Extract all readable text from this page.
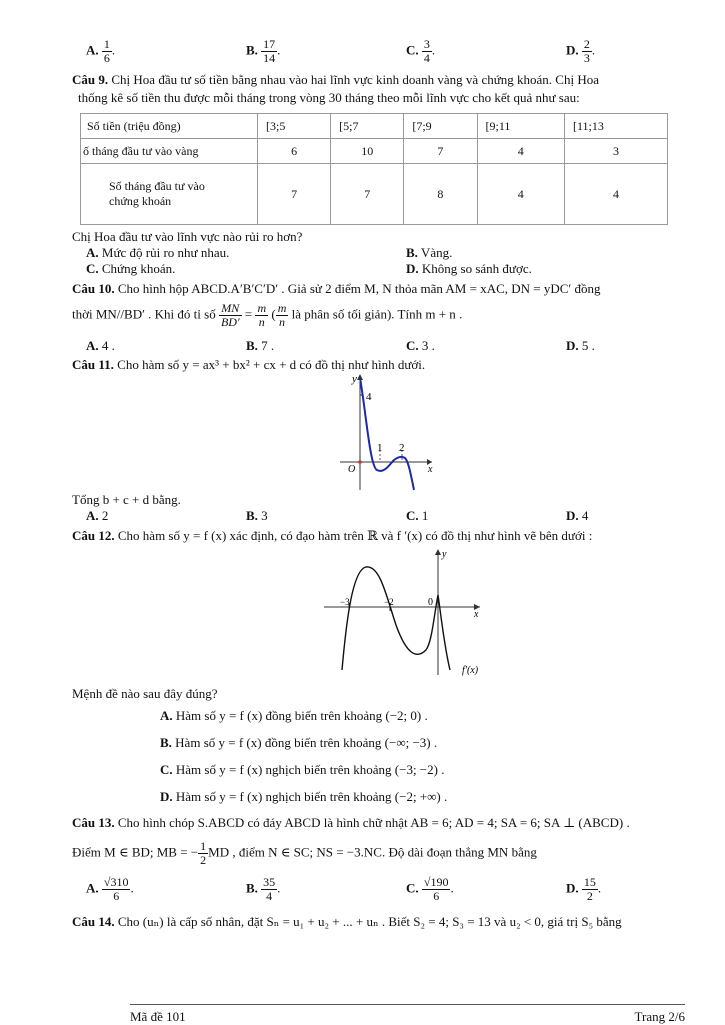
A. $\frac{1}{6}$ .	B. $\frac{17}{14}$ .	C. $\frac{3}{4}$ .	D. $\frac{2}{3}$ .
Câu 9. Chị Hoa đầu tư số tiền bằng nhau vào hai lĩnh vực kinh doanh vàng và chứng khoán. Chị Hoa
thống kê số tiền thu được mỗi tháng trong vòng 30 tháng theo mỗi lĩnh vực cho kết quả như sau:
Số tiền (triệu đồng)	[3;5	[5;7	[7;9	[9;11	[11;13
ố tháng đầu tư vào vàng	6	10	7	4	3
Số tháng đầu tư vào chứng khoán	7	7	8	4	4
Chị Hoa đầu tư vào lĩnh vực nào rủi ro hơn?
A. Mức độ rủi ro như nhau.	B. Vàng.
C. Chứng khoán.	D. Không so sánh được.
Câu 10. Cho hình hộp ABCD.A′B′C′D′ . Giả sử 2 điểm M, N thỏa mãn AM = xAC, DN = yDC′ đồng
thời MN//BD′ . Khi đó tỉ số $\frac{MN}{BD'} = \frac{m}{n}$ ( $\frac{m}{n}$ là phân số tối giản). Tính m + n .
A. 4 .	B. 7 .	C. 3 .	D. 5 .
Câu 11. Cho hàm số y = ax³ + bx² + cx + d có đồ thị như hình dưới.
y
x
O
4
1 2
Tổng b + c + d bằng.
A. 2	B. 3	C. 1	D. 4
Câu 12. Cho hàm số y = f (x) xác định, có đạo hàm trên ℝ và f ′(x) có đồ thị như hình vẽ bên dưới :
y
x
−3	−2	0
f′(x)
Mệnh đề nào sau đây đúng?
A. Hàm số y = f (x) đồng biến trên khoảng (−2; 0) .
B. Hàm số y = f (x) đồng biến trên khoảng (−∞; −3) .
C. Hàm số y = f (x) nghịch biến trên khoảng (−3; −2) .
D. Hàm số y = f (x) nghịch biến trên khoảng (−2; +∞) .
Câu 13. Cho hình chóp S.ABCD có đáy ABCD là hình chữ nhật AB = 6; AD = 4; SA = 6; SA ⊥ (ABCD) .
Điểm M ∈ BD; MB = − $\frac{1}{2}$ MD , điểm N ∈ SC; NS = −3.NC. Độ dài đoạn thẳng MN bằng
A. $\frac{√310}{6}$ .	B. $\frac{35}{4}$ .	C. $\frac{√190}{6}$ .	D. $\frac{15}{2}$ .
Câu 14. Cho (uₙ) là cấp số nhân, đặt Sₙ = u₁ + u₂ + ... + uₙ . Biết S₂ = 4; S₃ = 13 và u₂ < 0, giá trị S₅ bằng
Mã đề 101	Trang 2/6
